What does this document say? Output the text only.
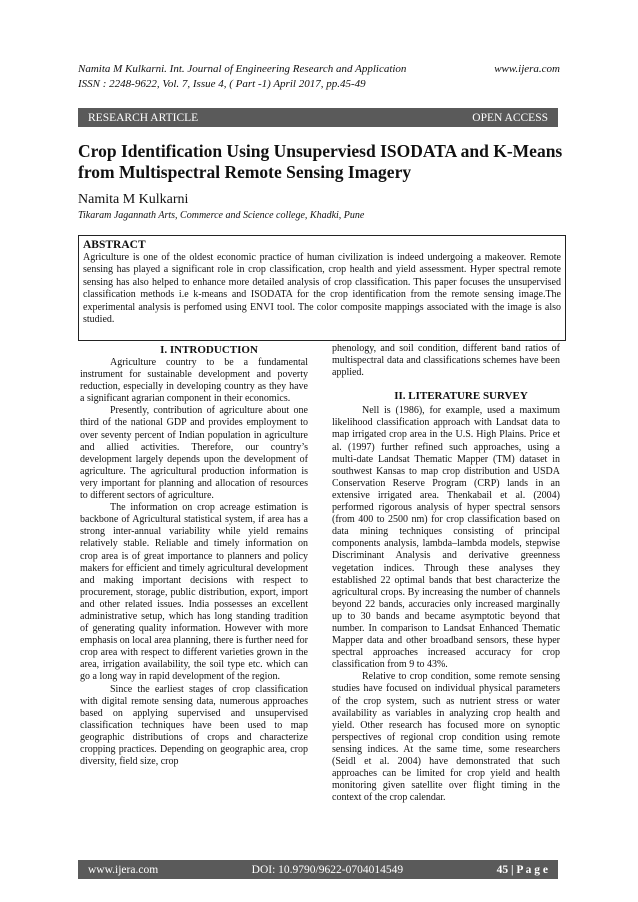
Namita M Kulkarni. Int. Journal of Engineering Research and Application	www.ijera.com
ISSN : 2248-9622, Vol. 7, Issue 4, ( Part -1) April 2017, pp.45-49
RESEARCH ARTICLE	OPEN ACCESS
Crop Identification Using Unsuperviesd ISODATA and K-Means from Multispectral Remote Sensing Imagery
Namita M Kulkarni
Tikaram Jagannath Arts, Commerce and Science college, Khadki, Pune
ABSTRACT
Agriculture is one of the oldest economic practice of human civilization is indeed undergoing a makeover. Remote sensing has played a significant role in crop classification, crop health and yield assessment. Hyper spectral remote sensing has also helped to enhance more detailed analysis of crop classification. This paper focuses the unsupervised classification methods i.e k-means and ISODATA for the crop identification from the remote sensing image.The experimental analysis is perfomed using ENVI tool. The color composite mappings associated with the image is also studied.

I. INTRODUCTION

Agriculture country to be a fundamental instrument for sustainable development and poverty reduction, especially in developing country as they have a significant agrarian component in their economics.

Presently, contribution of agriculture about one third of the national GDP and provides employment to over seventy percent of Indian population in agriculture and allied activities. Therefore, our country’s development largely depends upon the development of agriculture. The agricultural production information is very important for planning and allocation of resources to different sectors of agriculture.

The information on crop acreage estimation is backbone of Agricultural statistical system, if area has a strong inter-annual variability while yield remains relatively stable. Reliable and timely information on crop area is of great importance to planners and policy makers for efficient and timely agricultural development and making important decisions with respect to procurement, storage, public distribution, export, import and other related issues. India possesses an excellent administrative setup, which has long standing tradition of generating quality information. However with more emphasis on local area planning, there is further need for crop area with respect to different varieties grown in the area, irrigation availability, the soil type etc. which can go a long way in rapid development of the region.

Since the earliest stages of crop classification with digital remote sensing data, numerous approaches based on applying supervised and unsupervised classification techniques have been used to map geographic distributions of crops and characterize cropping practices. Depending on geographic area, crop diversity, field size, crop

phenology, and soil condition, different band ratios of multispectral data and classifications schemes have been applied.

II. LITERATURE SURVEY

Nell is (1986), for example, used a maximum likelihood classification approach with Landsat data to map irrigated crop area in the U.S. High Plains. Price et al. (1997) further refined such approaches, using a multi-date Landsat Thematic Mapper (TM) dataset in southwest Kansas to map crop distribution and USDA Conservation Reserve Program (CRP) lands in an extensive irrigated area. Thenkabail et al. (2004) performed rigorous analysis of hyper spectral sensors (from 400 to 2500 nm) for crop classification based on data mining techniques consisting of principal components analysis, lambda–lambda models, stepwise Discriminant Analysis and derivative greenness vegetation indices. Through these analyses they established 22 optimal bands that best characterize the agricultural crops. By increasing the number of channels beyond 22 bands, accuracies only increased marginally up to 30 bands and became asymptotic beyond that number. In comparison to Landsat Enhanced Thematic Mapper data and other broadband sensors, these hyper spectral approaches increased accuracy for crop classification from 9 to 43%.

Relative to crop condition, some remote sensing studies have focused on individual physical parameters of the crop system, such as nutrient stress or water availability as variables in analyzing crop health and yield. Other research has focused more on synoptic perspectives of regional crop condition using remote sensing indices. At the same time, some researchers (Seidl et al. 2004) have demonstrated that such approaches can be limited for crop yield and health monitoring given satellite over flight timing in the context of the crop calendar.

www.ijera.com	DOI: 10.9790/9622-0704014549	45 | P a g e
